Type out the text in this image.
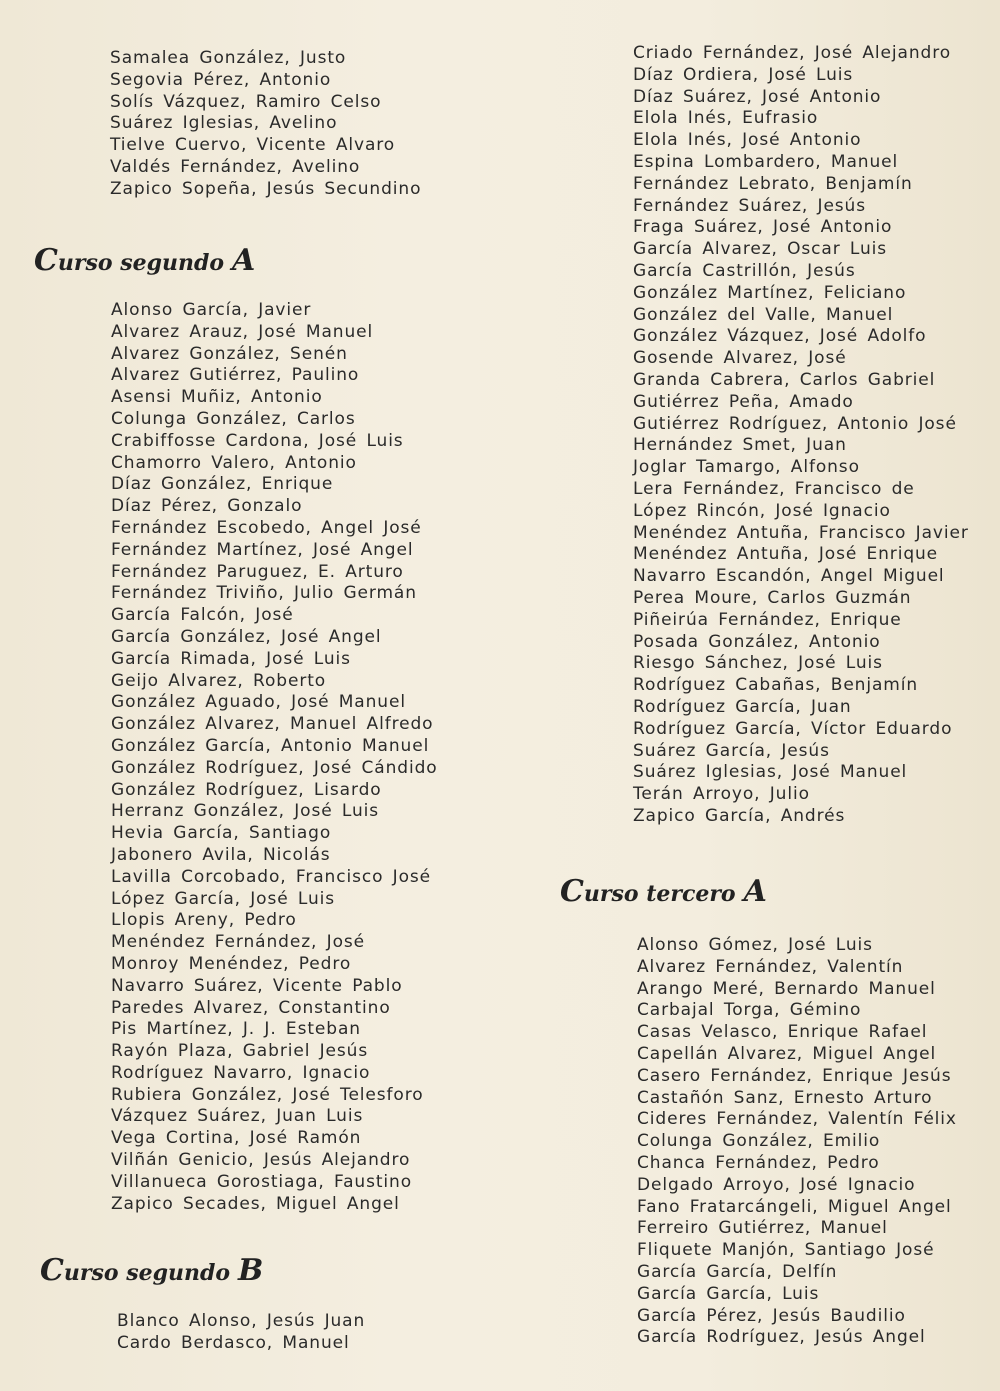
Samalea González, Justo
Segovia Pérez, Antonio
Solís Vázquez, Ramiro Celso
Suárez Iglesias, Avelino
Tielve Cuervo, Vicente Alvaro
Valdés Fernández, Avelino
Zapico Sopeña, Jesús Secundino
Curso segundo A
Alonso García, Javier
Alvarez Arauz, José Manuel
Alvarez González, Senén
Alvarez Gutiérrez, Paulino
Asensi Muñiz, Antonio
Colunga González, Carlos
Crabiffosse Cardona, José Luis
Chamorro Valero, Antonio
Díaz González, Enrique
Díaz Pérez, Gonzalo
Fernández Escobedo, Angel José
Fernández Martínez, José Angel
Fernández Paruguez, E. Arturo
Fernández Triviño, Julio Germán
García Falcón, José
García González, José Angel
García Rimada, José Luis
Geijo Alvarez, Roberto
González Aguado, José Manuel
González Alvarez, Manuel Alfredo
González García, Antonio Manuel
González Rodríguez, José Cándido
González Rodríguez, Lisardo
Herranz González, José Luis
Hevia García, Santiago
Jabonero Avila, Nicolás
Lavilla Corcobado, Francisco José
López García, José Luis
Llopis Areny, Pedro
Menéndez Fernández, José
Monroy Menéndez, Pedro
Navarro Suárez, Vicente Pablo
Paredes Alvarez, Constantino
Pis Martínez, J. J. Esteban
Rayón Plaza, Gabriel Jesús
Rodríguez Navarro, Ignacio
Rubiera González, José Telesforo
Vázquez Suárez, Juan Luis
Vega Cortina, José Ramón
Vilñán Genicio, Jesús Alejandro
Villanueca Gorostiaga, Faustino
Zapico Secades, Miguel Angel
Curso segundo B
Blanco Alonso, Jesús Juan
Cardo Berdasco, Manuel
Criado Fernández, José Alejandro
Díaz Ordiera, José Luis
Díaz Suárez, José Antonio
Elola Inés, Eufrasio
Elola Inés, José Antonio
Espina Lombardero, Manuel
Fernández Lebrato, Benjamín
Fernández Suárez, Jesús
Fraga Suárez, José Antonio
García Alvarez, Oscar Luis
García Castrillón, Jesús
González Martínez, Feliciano
González del Valle, Manuel
González Vázquez, José Adolfo
Gosende Alvarez, José
Granda Cabrera, Carlos Gabriel
Gutiérrez Peña, Amado
Gutiérrez Rodríguez, Antonio José
Hernández Smet, Juan
Joglar Tamargo, Alfonso
Lera Fernández, Francisco de
López Rincón, José Ignacio
Menéndez Antuña, Francisco Javier
Menéndez Antuña, José Enrique
Navarro Escandón, Angel Miguel
Perea Moure, Carlos Guzmán
Piñeirúa Fernández, Enrique
Posada González, Antonio
Riesgo Sánchez, José Luis
Rodríguez Cabañas, Benjamín
Rodríguez García, Juan
Rodríguez García, Víctor Eduardo
Suárez García, Jesús
Suárez Iglesias, José Manuel
Terán Arroyo, Julio
Zapico García, Andrés
Curso tercero A
Alonso Gómez, José Luis
Alvarez Fernández, Valentín
Arango Meré, Bernardo Manuel
Carbajal Torga, Gémino
Casas Velasco, Enrique Rafael
Capellán Alvarez, Miguel Angel
Casero Fernández, Enrique Jesús
Castañón Sanz, Ernesto Arturo
Cideres Fernández, Valentín Félix
Colunga González, Emilio
Chanca Fernández, Pedro
Delgado Arroyo, José Ignacio
Fano Fratarcángeli, Miguel Angel
Ferreiro Gutiérrez, Manuel
Fliquete Manjón, Santiago José
García García, Delfín
García García, Luis
García Pérez, Jesús Baudilio
García Rodríguez, Jesús Angel
